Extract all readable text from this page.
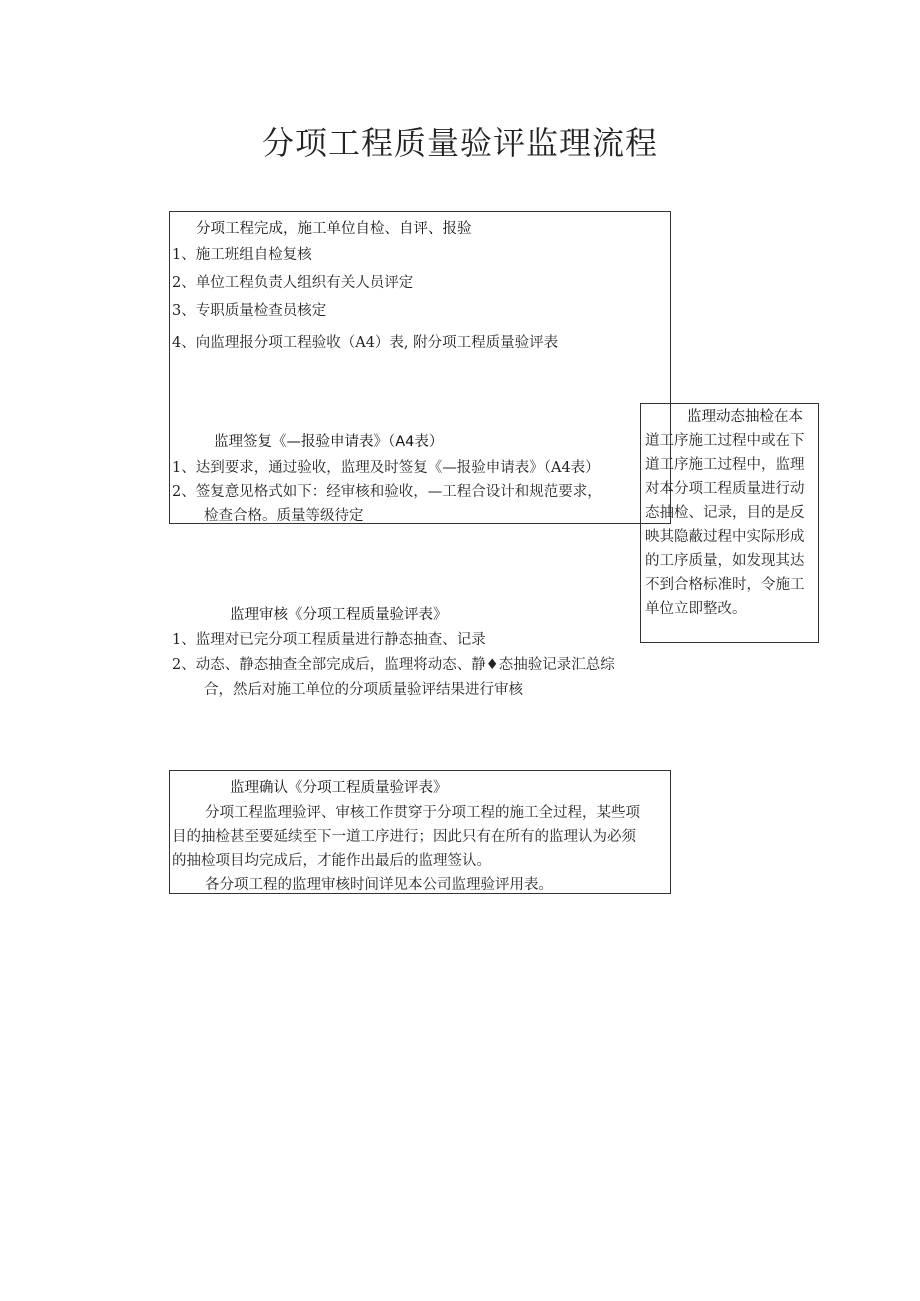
分项工程质量验评监理流程
分项工程完成，施工单位自检、自评、报验
1、施工班组自检复核
2、单位工程负责人组织有关人员评定
3、专职质量检查员核定
4、向监理报分项工程验收（A4）表, 附分项工程质量验评表
监理签复《—报验申请表》（A4表）
1、达到要求，通过验收，监理及时签复《—报验申请表》（A4表）
2、签复意见格式如下：经审核和验收，—工程合设计和规范要求，
检查合格。质量等级待定
监理动态抽检在本道工序施工过程中或在下道工序施工过程中，监理对本分项工程质量进行动态抽检、记录，目的是反映其隐蔽过程中实际形成的工序质量，如发现其达不到合格标准时，令施工单位立即整改。
监理审核《分项工程质量验评表》
1、监理对已完分项工程质量进行静态抽查、记录
2、动态、静态抽查全部完成后，监理将动态、静♦态抽验记录汇总综
合，然后对施工单位的分项质量验评结果进行审核
监理确认《分项工程质量验评表》
分项工程监理验评、审核工作贯穿于分项工程的施工全过程，某些项
目的抽检甚至要延续至下一道工序进行；因此只有在所有的监理认为必须
的抽检项目均完成后，才能作出最后的监理签认。
各分项工程的监理审核时间详见本公司监理验评用表。
